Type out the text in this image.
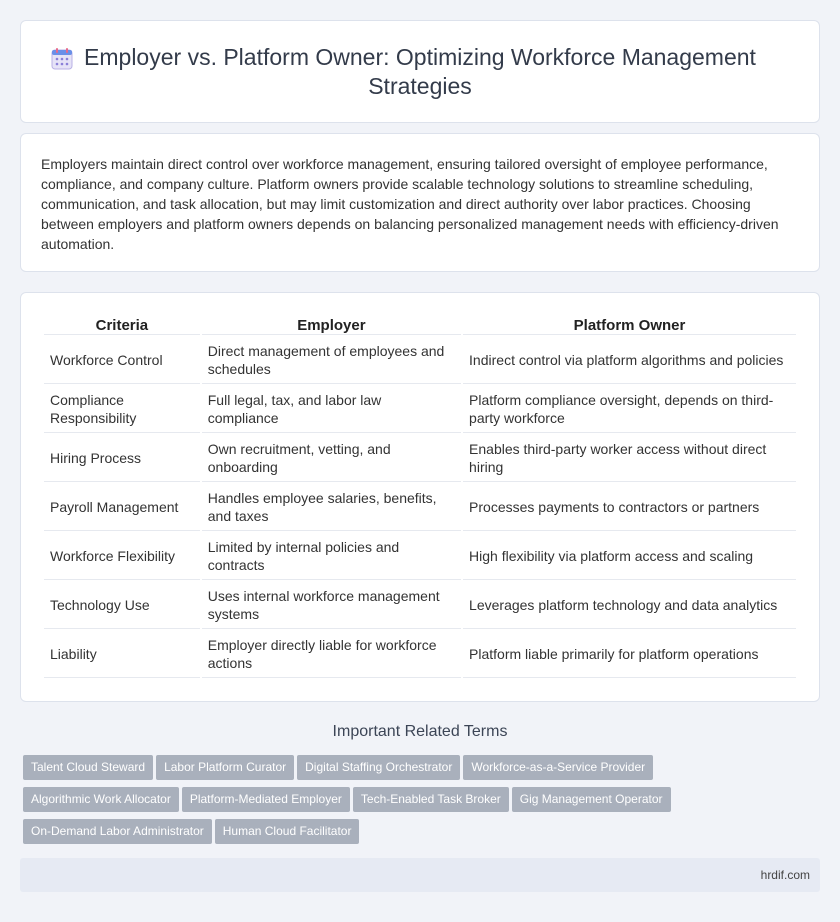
Employer vs. Platform Owner: Optimizing Workforce Management Strategies

Employers maintain direct control over workforce management, ensuring tailored oversight of employee performance, compliance, and company culture. Platform owners provide scalable technology solutions to streamline scheduling, communication, and task allocation, but may limit customization and direct authority over labor practices. Choosing between employers and platform owners depends on balancing personalized management needs with efficiency-driven automation.

Criteria	Employer	Platform Owner
Workforce Control	Direct management of employees and schedules	Indirect control via platform algorithms and policies
Compliance Responsibility	Full legal, tax, and labor law compliance	Platform compliance oversight, depends on third-party workforce
Hiring Process	Own recruitment, vetting, and onboarding	Enables third-party worker access without direct hiring
Payroll Management	Handles employee salaries, benefits, and taxes	Processes payments to contractors or partners
Workforce Flexibility	Limited by internal policies and contracts	High flexibility via platform access and scaling
Technology Use	Uses internal workforce management systems	Leverages platform technology and data analytics
Liability	Employer directly liable for workforce actions	Platform liable primarily for platform operations
Important Related Terms
Talent Cloud Steward Labor Platform Curator Digital Staffing Orchestrator Workforce-as-a-Service Provider
Algorithmic Work Allocator Platform-Mediated Employer Tech-Enabled Task Broker Gig Management Operator
On-Demand Labor Administrator Human Cloud Facilitator
hrdif.com
